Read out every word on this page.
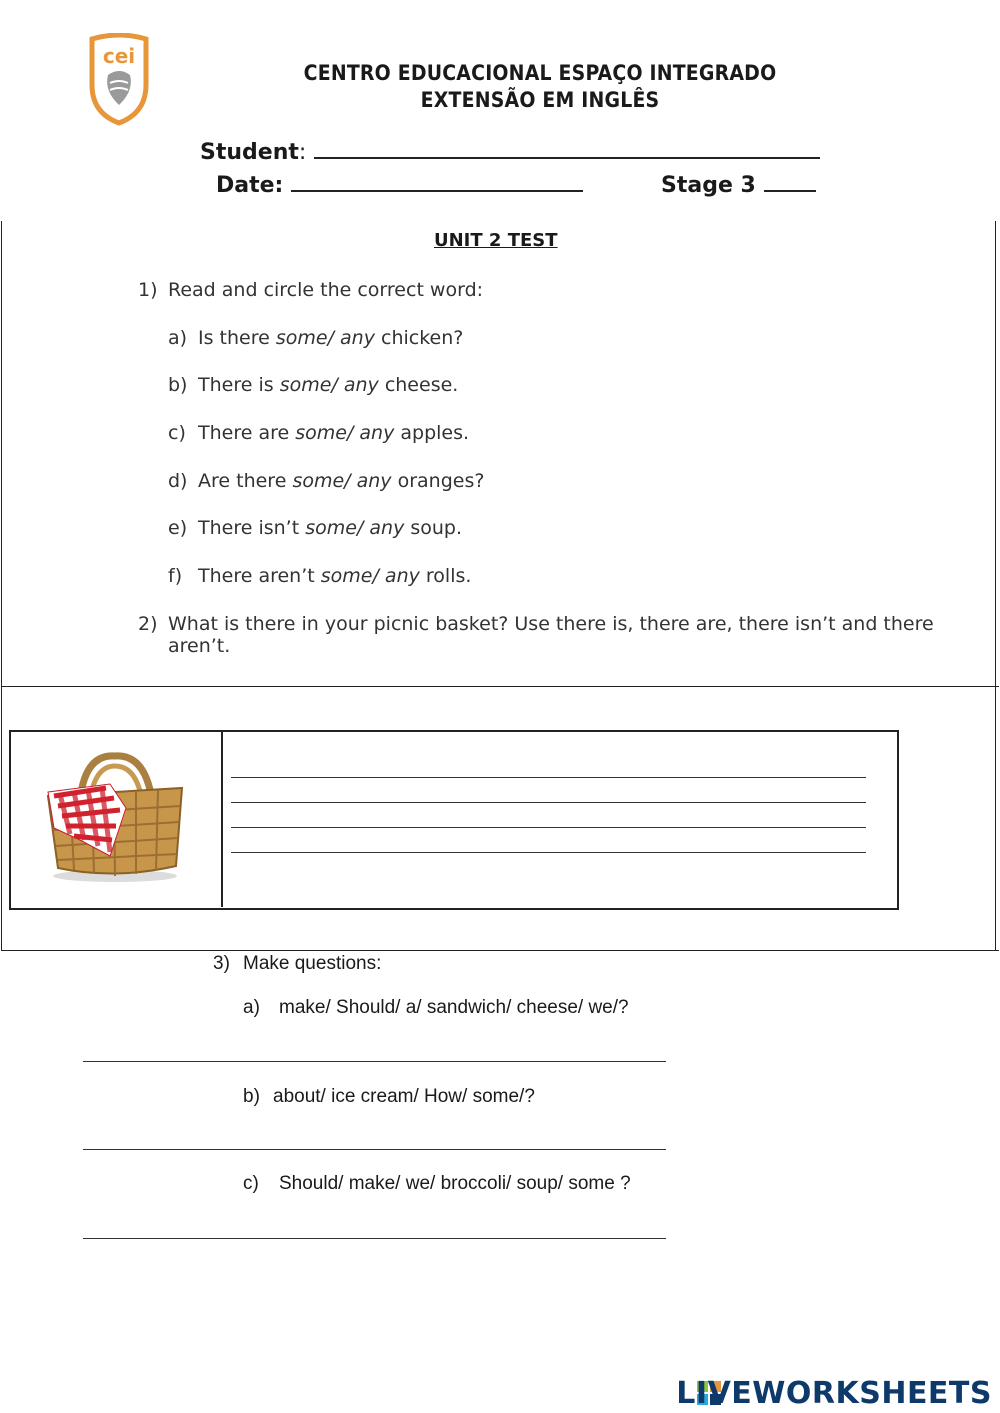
cei
CENTRO EDUCACIONAL ESPAÇO INTEGRADO
EXTENSÃO EM INGLÊS
Student:
Date:	Stage 3
UNIT 2 TEST
1) Read and circle the correct word:
a) Is there some/ any chicken?
b) There is some/ any cheese.
c) There are some/ any apples.
d) Are there some/ any oranges?
e) There isn’t some/ any soup.
f) There aren’t some/ any rolls.
2) What is there in your picnic basket? Use there is, there are, there isn’t and there
aren’t.
3) Make questions:
a) make/ Should/ a/ sandwich/ cheese/ we/?
b) about/ ice cream/ How/ some/?
c) Should/ make/ we/ broccoli/ soup/ some ?
LIVEWORKSHEETS
